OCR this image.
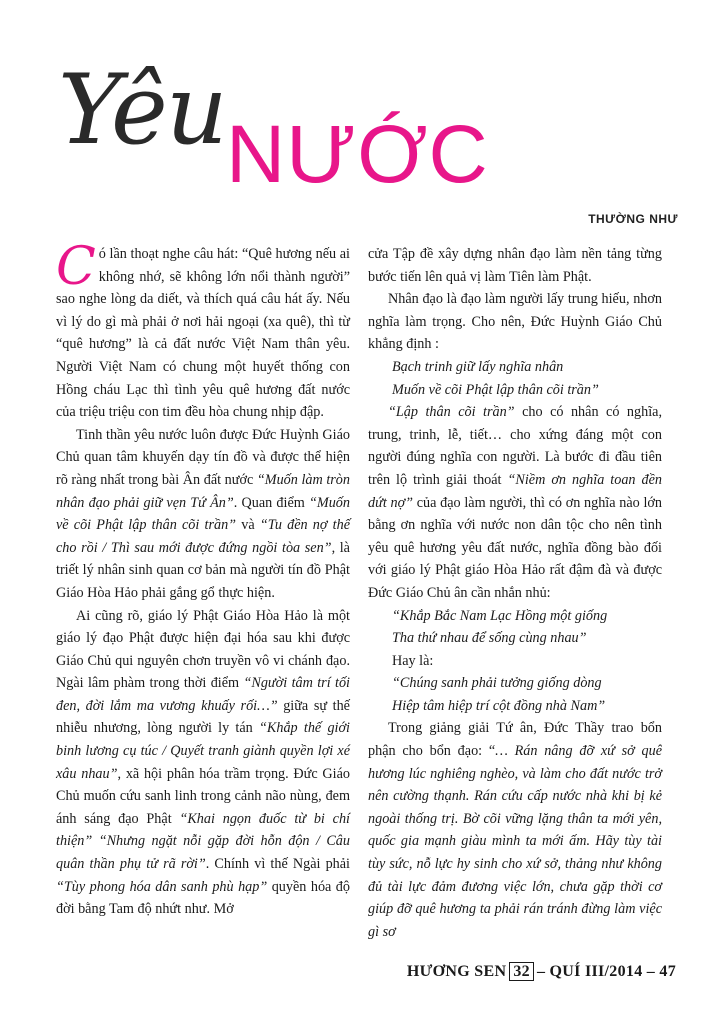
Yêu NƯỚC
THƯỜNG NHƯ

Có lần thoạt nghe câu hát: “Quê hương nếu ai không nhớ, sẽ không lớn nổi thành người” sao nghe lòng da diết, và thích quá câu hát ấy. Nếu vì lý do gì mà phải ở nơi hải ngoại (xa quê), thì từ “quê hương” là cả đất nước Việt Nam thân yêu. Người Việt Nam có chung một huyết thống con Hồng cháu Lạc thì tình yêu quê hương đất nước của triệu triệu con tim đều hòa chung nhịp đập.

Tinh thần yêu nước luôn được Đức Huỳnh Giáo Chủ quan tâm khuyến dạy tín đồ và được thể hiện rõ ràng nhất trong bài Ân đất nước “Muốn làm tròn nhân đạo phải giữ vẹn Tứ Ân”. Quan điểm “Muốn về cõi Phật lập thân cõi trần” và “Tu đền nợ thế cho rồi / Thì sau mới được đứng ngồi tòa sen”, là triết lý nhân sinh quan cơ bản mà người tín đồ Phật Giáo Hòa Hảo phải gắng gổ thực hiện.

Ai cũng rõ, giáo lý Phật Giáo Hòa Hảo là một giáo lý đạo Phật được hiện đại hóa sau khi được Giáo Chủ qui nguyên chơn truyền vô vi chánh đạo. Ngài lâm phàm trong thời điểm “Người tâm trí tối đen, đời lắm ma vương khuấy rối…” giữa sự thế nhiễu nhương, lòng người ly tán “Khắp thế giới binh lương cụ túc / Quyết tranh giành quyền lợi xé xâu nhau”, xã hội phân hóa trầm trọng. Đức Giáo Chủ muốn cứu sanh linh trong cảnh não nùng, đem ánh sáng đạo Phật “Khai ngọn đuốc từ bi chí thiện” “Nhưng ngặt nỗi gặp đời hỗn độn / Câu quân thần phụ tử rã rời”. Chính vì thế Ngài phải “Tùy phong hóa dân sanh phù hạp” quyền hóa độ đời bằng Tam độ nhứt như. Mở

cửa Tập đề xây dựng nhân đạo làm nền tảng từng bước tiến lên quả vị làm Tiên làm Phật.

Nhân đạo là đạo làm người lấy trung hiếu, nhơn nghĩa làm trọng. Cho nên, Đức Huỳnh Giáo Chủ khẳng định :

Bạch trinh giữ lấy nghĩa nhân

Muốn về cõi Phật lập thân cõi trần”

“Lập thân cõi trần” cho có nhân có nghĩa, trung, trinh, lễ, tiết… cho xứng đáng một con người đúng nghĩa con người. Là bước đi đầu tiên trên lộ trình giải thoát “Niềm ơn nghĩa toan đền dứt nợ” của đạo làm người, thì có ơn nghĩa nào lớn bằng ơn nghĩa với nước non dân tộc cho nên tình yêu quê hương yêu đất nước, nghĩa đồng bào đối với giáo lý Phật giáo Hòa Hảo rất đậm đà và được Đức Giáo Chủ ân cần nhắn nhủ:

“Khắp Bắc Nam Lạc Hồng một giống

Tha thứ nhau để sống cùng nhau”

Hay là:

“Chúng sanh phải tưởng giống dòng

Hiệp tâm hiệp trí cột đồng nhà Nam”

Trong giảng giải Tứ ân, Đức Thầy trao bổn phận cho bổn đạo: “… Rán nâng đỡ xứ sở quê hương lúc nghiêng nghèo, và làm cho đất nước trở nên cường thạnh. Rán cứu cấp nước nhà khi bị kẻ ngoài thống trị. Bờ cõi vững lặng thân ta mới yên, quốc gia mạnh giàu mình ta mới ấm. Hãy tùy tài tùy sức, nỗ lực hy sinh cho xứ sở, thảng như không đủ tài lực đảm đương việc lớn, chưa gặp thời cơ giúp đỡ quê hương ta phải rán tránh đừng làm việc gì sơ

HƯƠNG SEN 32 – QUÍ III/2014 – 47
